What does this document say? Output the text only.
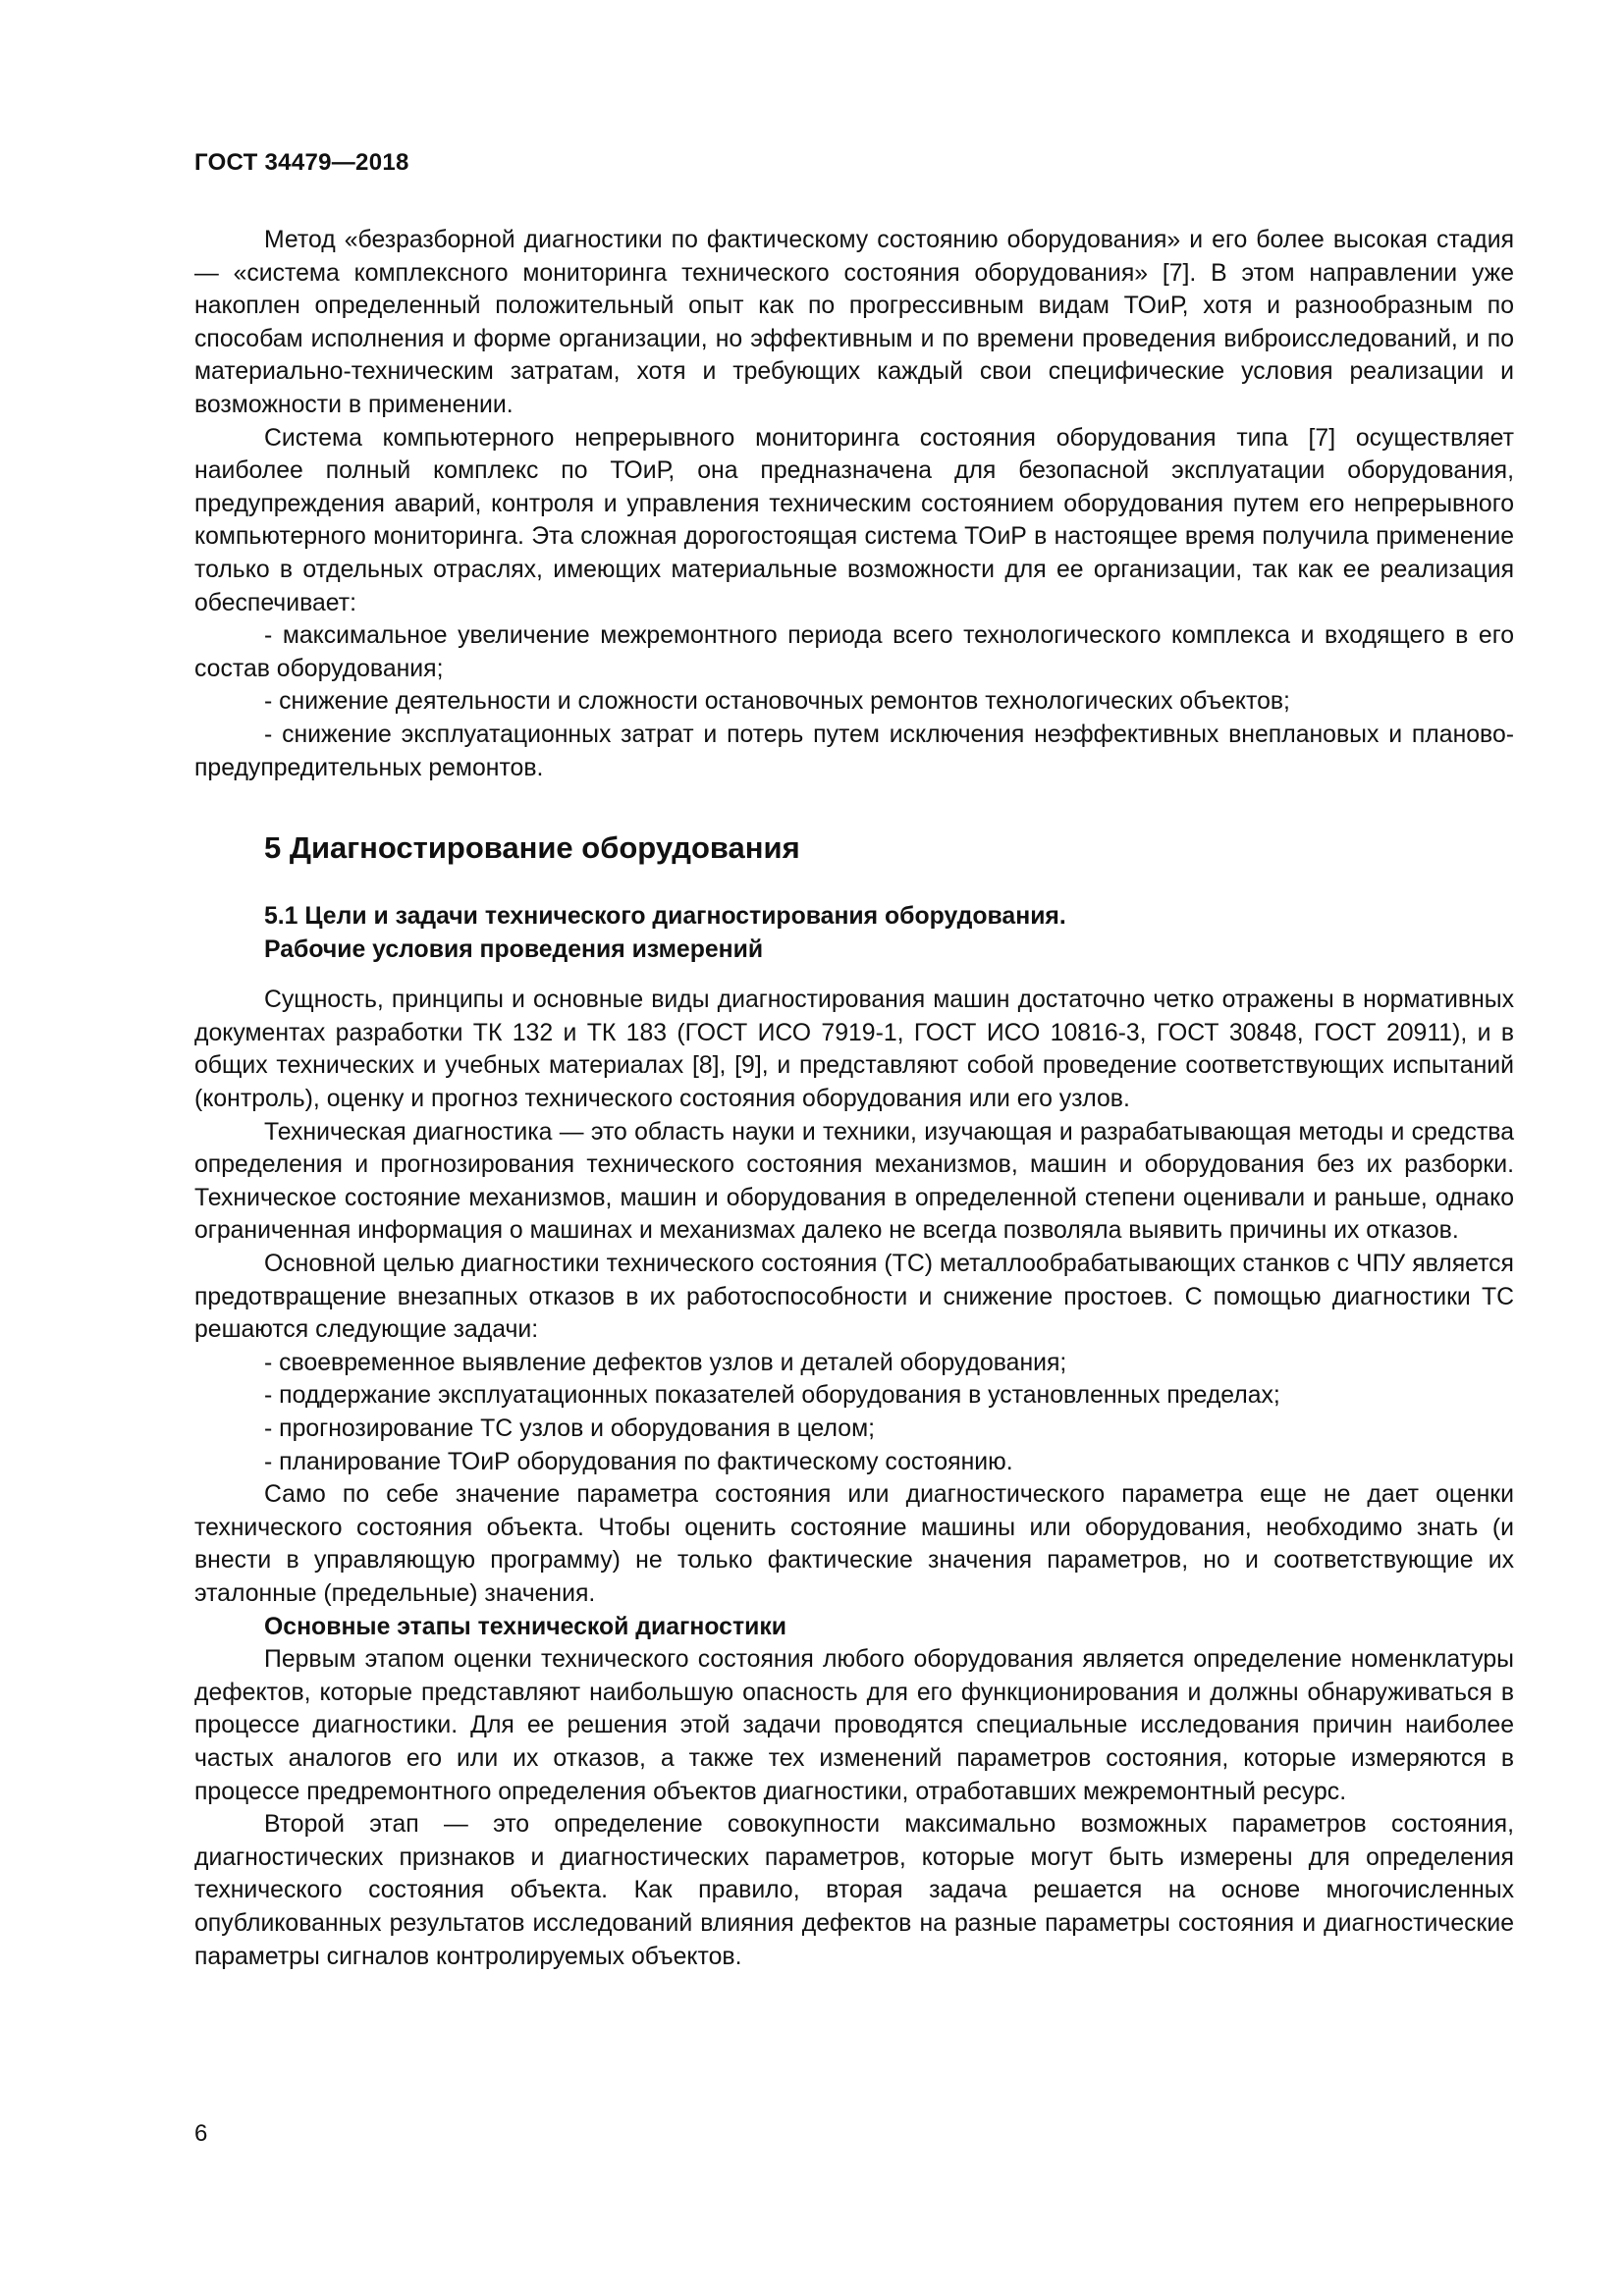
ГОСТ 34479—2018

Метод «безразборной диагностики по фактическому состоянию оборудования» и его более высокая стадия — «система комплексного мониторинга технического состояния оборудования» [7]. В этом направлении уже накоплен определенный положительный опыт как по прогрессивным видам ТОиР, хотя и разнообразным по способам исполнения и форме организации, но эффективным и по времени проведения виброисследований, и по материально-техническим затратам, хотя и требующих каждый свои специфические условия реализации и возможности в применении.

Система компьютерного непрерывного мониторинга состояния оборудования типа [7] осуществляет наиболее полный комплекс по ТОиР, она предназначена для безопасной эксплуатации оборудования, предупреждения аварий, контроля и управления техническим состоянием оборудования путем его непрерывного компьютерного мониторинга. Эта сложная дорогостоящая система ТОиР в настоящее время получила применение только в отдельных отраслях, имеющих материальные возможности для ее организации, так как ее реализация обеспечивает:

- максимальное увеличение межремонтного периода всего технологического комплекса и входящего в его состав оборудования;

- снижение деятельности и сложности остановочных ремонтов технологических объектов;

- снижение эксплуатационных затрат и потерь путем исключения неэффективных внеплановых и планово-предупредительных ремонтов.

5 Диагностирование оборудования
5.1 Цели и задачи технического диагностирования оборудования.
Рабочие условия проведения измерений

Сущность, принципы и основные виды диагностирования машин достаточно четко отражены в нормативных документах разработки ТК 132 и ТК 183 (ГОСТ ИСО 7919-1, ГОСТ ИСО 10816-3, ГОСТ 30848, ГОСТ 20911), и в общих технических и учебных материалах [8], [9], и представляют собой проведение соответствующих испытаний (контроль), оценку и прогноз технического состояния оборудования или его узлов.

Техническая диагностика — это область науки и техники, изучающая и разрабатывающая методы и средства определения и прогнозирования технического состояния механизмов, машин и оборудования без их разборки. Техническое состояние механизмов, машин и оборудования в определенной степени оценивали и раньше, однако ограниченная информация о машинах и механизмах далеко не всегда позволяла выявить причины их отказов.

Основной целью диагностики технического состояния (ТС) металлообрабатывающих станков с ЧПУ является предотвращение внезапных отказов в их работоспособности и снижение простоев. С помощью диагностики ТС решаются следующие задачи:

- своевременное выявление дефектов узлов и деталей оборудования;

- поддержание эксплуатационных показателей оборудования в установленных пределах;

- прогнозирование ТС узлов и оборудования в целом;

- планирование ТОиР оборудования по фактическому состоянию.

Само по себе значение параметра состояния или диагностического параметра еще не дает оценки технического состояния объекта. Чтобы оценить состояние машины или оборудования, необходимо знать (и внести в управляющую программу) не только фактические значения параметров, но и соответствующие их эталонные (предельные) значения.

Основные этапы технической диагностики

Первым этапом оценки технического состояния любого оборудования является определение номенклатуры дефектов, которые представляют наибольшую опасность для его функционирования и должны обнаруживаться в процессе диагностики. Для ее решения этой задачи проводятся специальные исследования причин наиболее частых аналогов его или их отказов, а также тех изменений параметров состояния, которые измеряются в процессе предремонтного определения объектов диагностики, отработавших межремонтный ресурс.

Второй этап — это определение совокупности максимально возможных параметров состояния, диагностических признаков и диагностических параметров, которые могут быть измерены для определения технического состояния объекта. Как правило, вторая задача решается на основе многочисленных опубликованных результатов исследований влияния дефектов на разные параметры состояния и диагностические параметры сигналов контролируемых объектов.

6
